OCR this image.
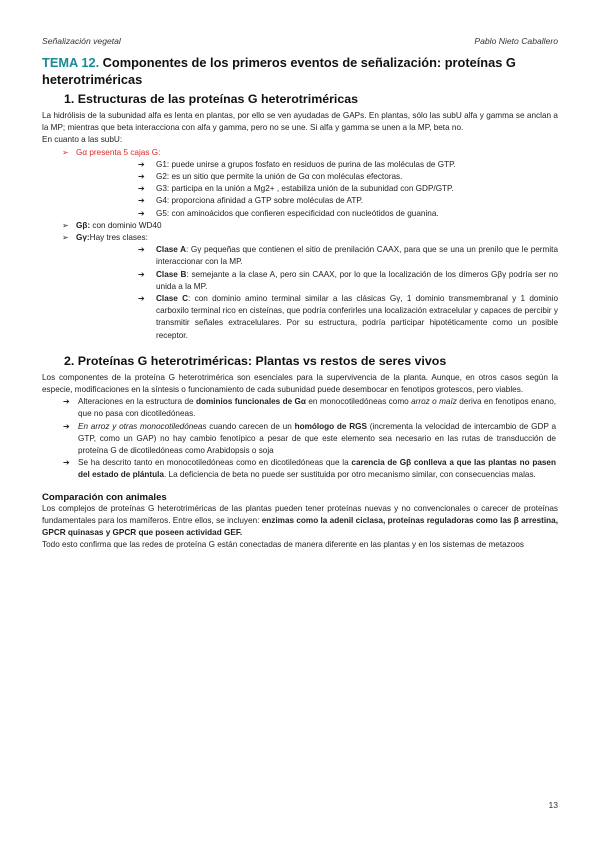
Señalización vegetal	Pablo Nieto Caballero
TEMA 12. Componentes de los primeros eventos de señalización: proteínas G heterotriméricas
1. Estructuras de las proteínas G heterotriméricas

La hidrólisis de la subunidad alfa es lenta en plantas, por ello se ven ayudadas de GAPs. En plantas, sólo las subU alfa y gamma se anclan a la MP; mientras que beta interacciona con alfa y gamma, pero no se une. Si alfa y gamma se unen a la MP, beta no.

En cuanto a las subU:

➢ Gα presenta 5 cajas G:
➔ G1: puede unirse a grupos fosfato en residuos de purina de las moléculas de GTP.
➔ G2: es un sitio que permite la unión de Gα con moléculas efectoras.
➔ G3: participa en la unión a Mg2+ , estabiliza unión de la subunidad con GDP/GTP.
➔ G4: proporciona afinidad a GTP sobre moléculas de ATP.
➔ G5: con aminoácidos que confieren especificidad con nucleótidos de guanina.
➢ Gβ: con dominio WD40
➢ Gγ:Hay tres clases:
➔ Clase A: Gγ pequeñas que contienen el sitio de prenilación CAAX, para que se una un prenilo que le permita interaccionar con la MP.
➔ Clase B: semejante a la clase A, pero sin CAAX, por lo que la localización de los dímeros Gβγ podría ser no unida a la MP.
➔ Clase C: con dominio amino terminal similar a las clásicas Gγ, 1 dominio transmembranal y 1 dominio carboxilo terminal rico en cisteínas, que podría conferirles una localización extracelular y capaces de percibir y transmitir señales extracelulares. Por su estructura, podría participar hipotéticamente como un posible receptor.
2. Proteínas G heterotriméricas: Plantas vs restos de seres vivos

Los componentes de la proteína G heterotrimérica son esenciales para la supervivencia de la planta. Aunque, en otros casos según la especie, modificaciones en la síntesis o funcionamiento de cada subunidad puede desembocar en fenotipos grotescos, pero viables.

➔ Alteraciones en la estructura de dominios funcionales de Gα en monocotiledóneas como arroz o maíz deriva en fenotipos enano, que no pasa con dicotiledóneas.
➔ En arroz y otras monocotiledóneas cuando carecen de un homólogo de RGS (incrementa la velocidad de intercambio de GDP a GTP, como un GAP) no hay cambio fenotípico a pesar de que este elemento sea necesario en las rutas de transducción de proteína G de dicotiledóneas como Arabidopsis o soja
➔ Se ha descrito tanto en monocotiledóneas como en dicotiledóneas que la carencia de Gβ conlleva a que las plantas no pasen del estado de plántula. La deficiencia de beta no puede ser sustituida por otro mecanismo similar, con consecuencias malas.
Comparación con animales

Los complejos de proteínas G heterotriméricas de las plantas pueden tener proteínas nuevas y no convencionales o carecer de proteínas fundamentales para los mamíferos. Entre ellos, se incluyen: enzimas como la adenil ciclasa, proteínas reguladoras como las β arrestina, GPCR quinasas y GPCR que poseen actividad GEF.

Todo esto confirma que las redes de proteína G están conectadas de manera diferente en las plantas y en los sistemas de metazoos

13
